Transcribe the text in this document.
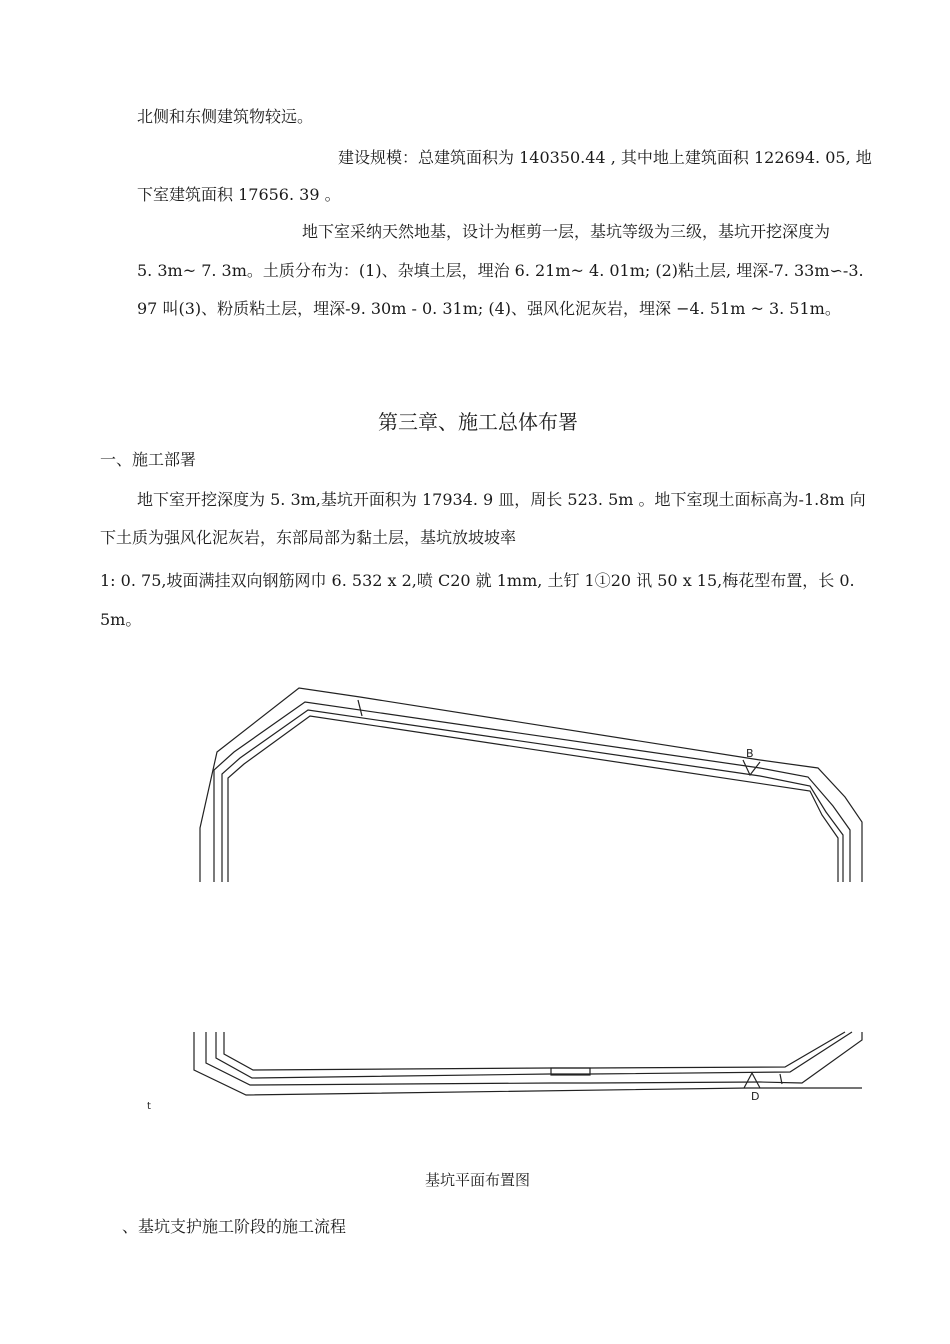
北侧和东侧建筑物较远。
建设规模：总建筑面积为 140350.44 , 其中地上建筑面积 122694. 05, 地
下室建筑面积 17656. 39 。
地下室采纳天然地基，设计为框剪一层，基坑等级为三级，基坑开挖深度为
5. 3m~ 7. 3m。土质分布为：(1)、杂填土层，埋治 6. 21m~ 4. 01m; (2)粘土层, 埋深-7. 33m∽-3.
97 叫(3)、粉质粘土层，埋深-9. 30m - 0. 31m; (4)、强风化泥灰岩，埋深 −4. 51m ~ 3. 51m。
第三章、施工总体布署
一、施工部署
地下室开挖深度为 5. 3m,基坑开面积为 17934. 9 皿，周长 523. 5m 。地下室现土面标高为-1.8m 向
下土质为强风化泥灰岩，东部局部为黏土层，基坑放坡坡率
1: 0. 75,坡面满挂双向钢筋网巾 6. 532 x 2,喷 C20 就 1mm, 土钉 1①20 讯 50 x 15,梅花型布置，长 0.
5m。
B
D
t
基坑平面布置图
、基坑支护施工阶段的施工流程
